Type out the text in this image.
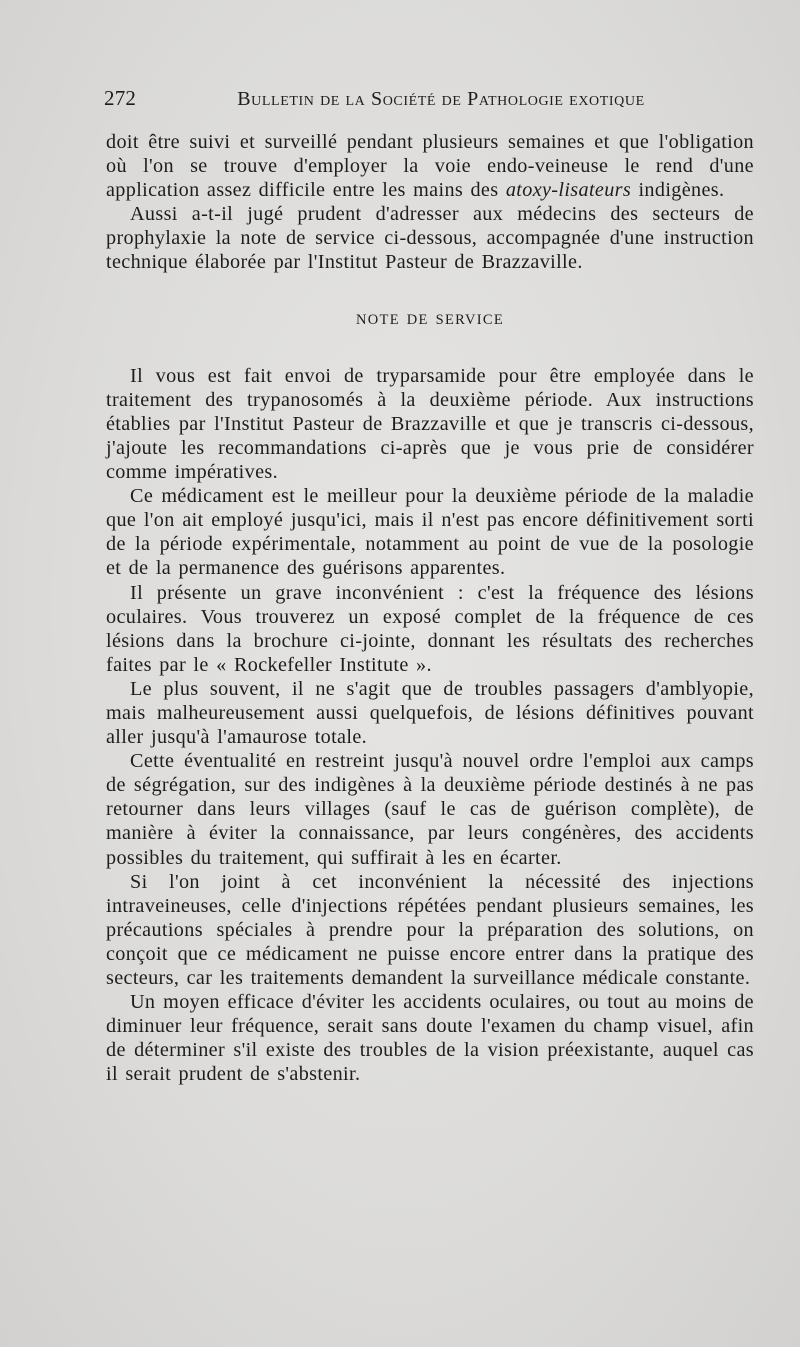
272	Bulletin de la Société de Pathologie exotique

doit être suivi et surveillé pendant plusieurs semaines et que l'obligation où l'on se trouve d'employer la voie endo-veineuse le rend d'une application assez difficile entre les mains des atoxy-lisateurs indigènes.

Aussi a-t-il jugé prudent d'adresser aux médecins des secteurs de prophylaxie la note de service ci-dessous, accompagnée d'une instruction technique élaborée par l'Institut Pasteur de Brazzaville.

NOTE DE SERVICE

Il vous est fait envoi de tryparsamide pour être employée dans le traitement des trypanosomés à la deuxième période. Aux instructions établies par l'Institut Pasteur de Brazzaville et que je transcris ci-dessous, j'ajoute les recommandations ci-après que je vous prie de considérer comme impératives.

Ce médicament est le meilleur pour la deuxième période de la maladie que l'on ait employé jusqu'ici, mais il n'est pas encore définitivement sorti de la période expérimentale, notamment au point de vue de la posologie et de la permanence des guérisons apparentes.

Il présente un grave inconvénient : c'est la fréquence des lésions oculaires. Vous trouverez un exposé complet de la fréquence de ces lésions dans la brochure ci-jointe, donnant les résultats des recherches faites par le « Rockefeller Institute ».

Le plus souvent, il ne s'agit que de troubles passagers d'amblyopie, mais malheureusement aussi quelquefois, de lésions définitives pouvant aller jusqu'à l'amaurose totale.

Cette éventualité en restreint jusqu'à nouvel ordre l'emploi aux camps de ségrégation, sur des indigènes à la deuxième période destinés à ne pas retourner dans leurs villages (sauf le cas de guérison complète), de manière à éviter la connaissance, par leurs congénères, des accidents possibles du traitement, qui suffirait à les en écarter.

Si l'on joint à cet inconvénient la nécessité des injections intraveineuses, celle d'injections répétées pendant plusieurs semaines, les précautions spéciales à prendre pour la préparation des solutions, on conçoit que ce médicament ne puisse encore entrer dans la pratique des secteurs, car les traitements demandent la surveillance médicale constante.

Un moyen efficace d'éviter les accidents oculaires, ou tout au moins de diminuer leur fréquence, serait sans doute l'examen du champ visuel, afin de déterminer s'il existe des troubles de la vision préexistante, auquel cas il serait prudent de s'abstenir.
